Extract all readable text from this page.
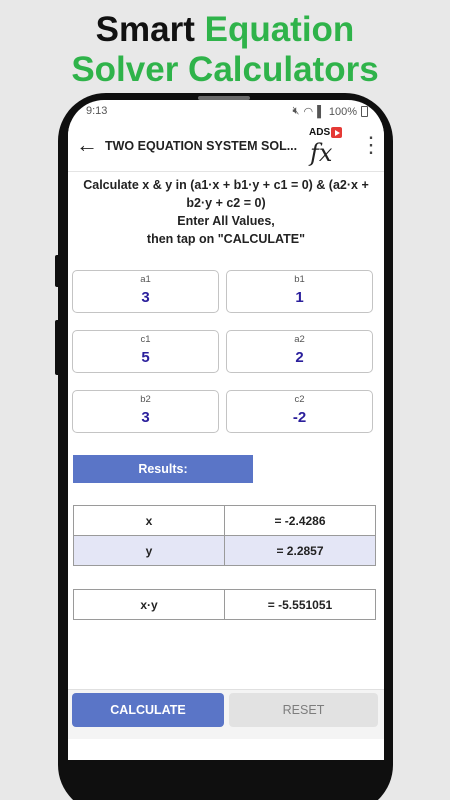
Smart Equation
Solver Calculators
9:13	🔇︎ ◠ ▌ 100%
← TWO EQUATION SYSTEM SOL...
ADS
fx ⋮
Calculate x & y in (a1·x + b1·y + c1 = 0) & (a2·x +
b2·y + c2 = 0)
Enter All Values,
then tap on "CALCULATE"
a1
3
b1
1
c1
5
a2
2
b2
3
c2
-2
Results:
x	= -2.4286
y	= 2.2857
x·y	= -5.551051
CALCULATE	RESET
